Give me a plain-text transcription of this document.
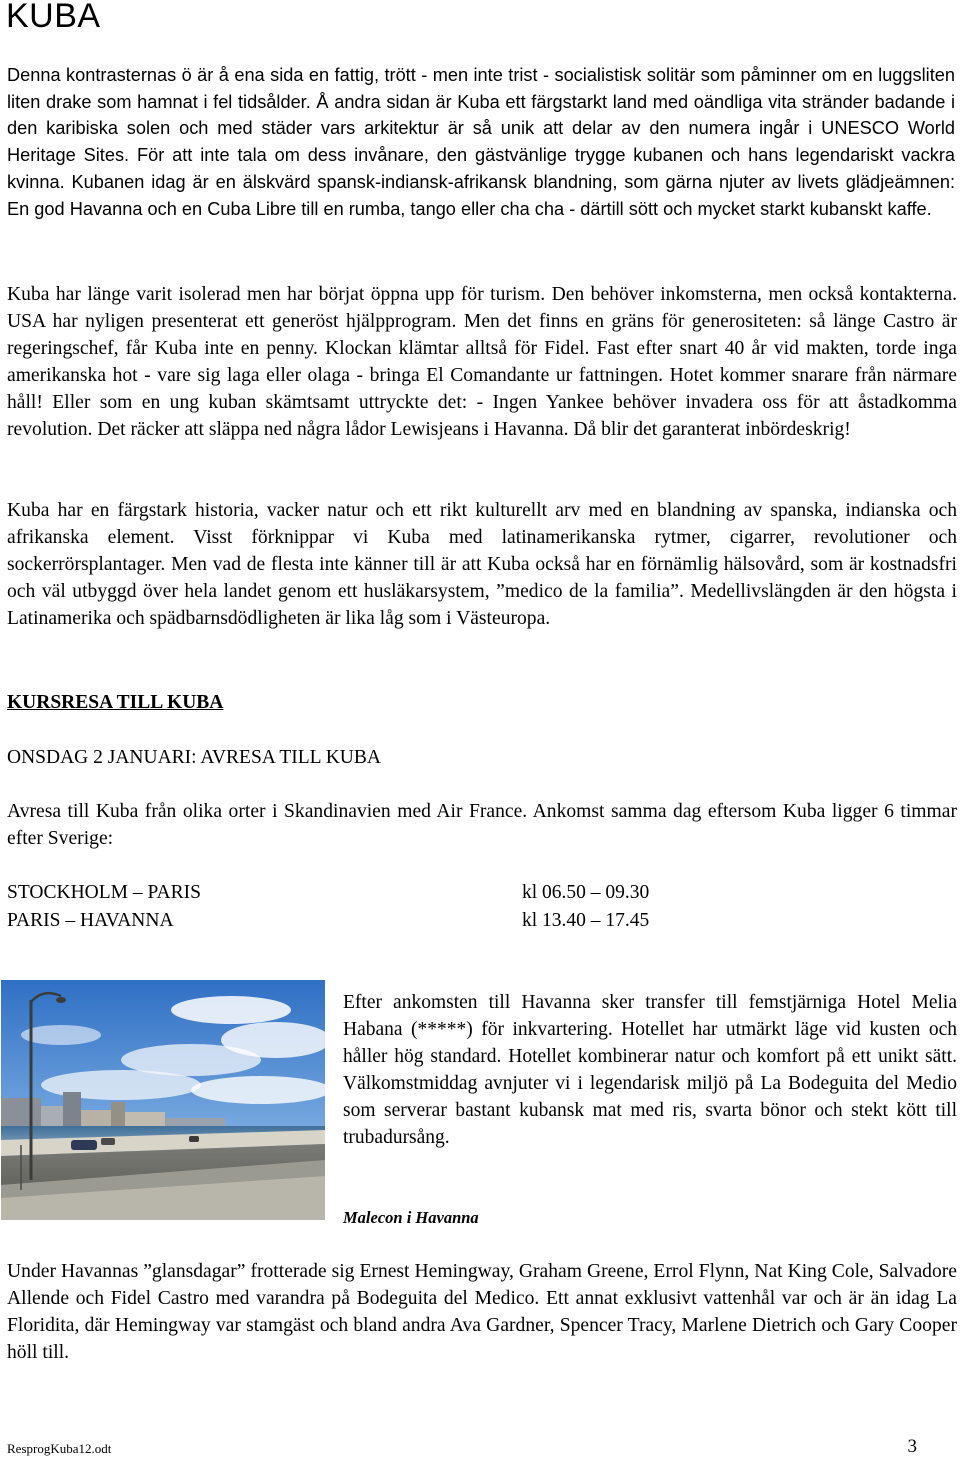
KUBA

Denna kontrasternas ö är å ena sida en fattig, trött - men inte trist - socialistisk solitär som påminner om en luggsliten liten drake som hamnat i fel tidsålder. Å andra sidan är Kuba ett färgstarkt land med oändliga vita stränder badande i den karibiska solen och med städer vars arkitektur är så unik att delar av den numera ingår i UNESCO World Heritage Sites. För att inte tala om dess invånare, den gästvänlige trygge kubanen och hans legendariskt vackra kvinna. Kubanen idag är en älskvärd spansk-indiansk-afrikansk blandning, som gärna njuter av livets glädjeämnen: En god Havanna och en Cuba Libre till en rumba, tango eller cha cha - därtill sött och mycket starkt kubanskt kaffe.

Kuba har länge varit isolerad men har börjat öppna upp för turism. Den behöver inkomsterna, men också kontakterna. USA har nyligen presenterat ett generöst hjälpprogram. Men det finns en gräns för generositeten: så länge Castro är regeringschef, får Kuba inte en penny. Klockan klämtar alltså för Fidel. Fast efter snart 40 år vid makten, torde inga amerikanska hot - vare sig laga eller olaga - bringa El Comandante ur fattningen. Hotet kommer snarare från närmare håll! Eller som en ung kuban skämtsamt uttryckte det: - Ingen Yankee behöver invadera oss för att åstadkomma revolution. Det räcker att släppa ned några lådor Lewisjeans i Havanna. Då blir det garanterat inbördeskrig!

Kuba har en färgstark historia, vacker natur och ett rikt kulturellt arv med en blandning av spanska, indianska och afrikanska element. Visst förknippar vi Kuba med latinamerikanska rytmer, cigarrer, revolutioner och sockerrörsplantager. Men vad de flesta inte känner till är att Kuba också har en förnämlig hälsovård, som är kostnadsfri och väl utbyggd över hela landet genom ett husläkarsystem, ”medico de la familia”. Medellivslängden är den högsta i Latinamerika och spädbarnsdödligheten är lika låg som i Västeuropa.

KURSRESA TILL KUBA
ONSDAG 2 JANUARI: AVRESA TILL KUBA

Avresa till Kuba från olika orter i Skandinavien med Air France. Ankomst samma dag eftersom Kuba ligger 6 timmar efter Sverige:

STOCKHOLM – PARIS	kl 06.50 – 09.30
PARIS – HAVANNA	kl 13.40 – 17.45

Efter ankomsten till Havanna sker transfer till femstjärniga Hotel Melia Habana (*****) för inkvartering. Hotellet har utmärkt läge vid kusten och håller hög standard. Hotellet kombinerar natur och komfort på ett unikt sätt. Välkomstmiddag avnjuter vi i legendarisk miljö på La Bodeguita del Medio som serverar bastant kubansk mat med ris, svarta bönor och stekt kött till trubadursång.

Malecon i Havanna

Under Havannas ”glansdagar” frotterade sig Ernest Hemingway, Graham Greene, Errol Flynn, Nat King Cole, Salvadore Allende och Fidel Castro med varandra på Bodeguita del Medico. Ett annat exklusivt vattenhål var och är än idag La Floridita, där Hemingway var stamgäst och bland andra Ava Gardner, Spencer Tracy, Marlene Dietrich och Gary Cooper höll till.

ResprogKuba12.odt	3
